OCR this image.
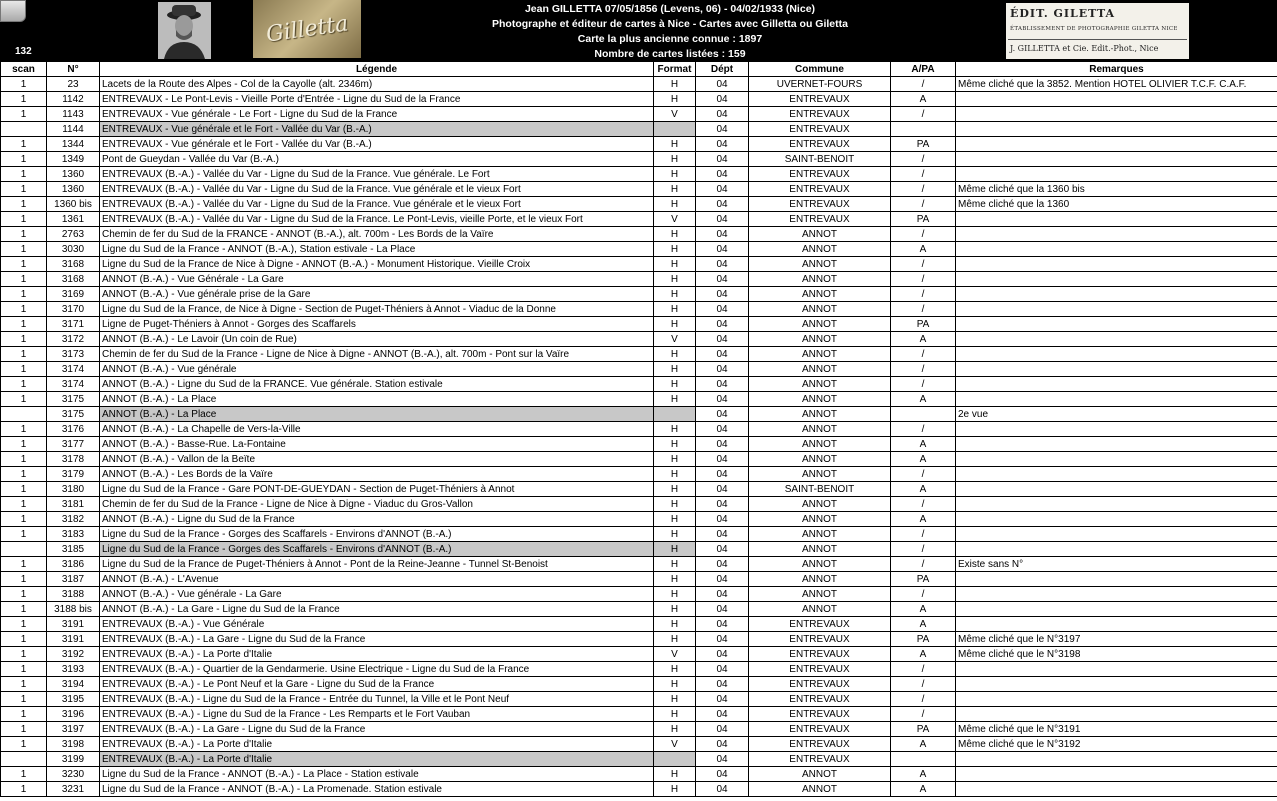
132
Gilletta
Jean GILLETTA 07/05/1856 (Levens, 06) - 04/02/1933 (Nice)
Photographe et éditeur de cartes à Nice - Cartes avec Gilletta ou Giletta
Carte la plus ancienne connue : 1897
Nombre de cartes listées : 159
ÉDIT. GILETTA
ÉTABLISSEMENT DE PHOTOGRAPHIE GILETTA NICE
J. GILLETTA et Cie. Edit.-Phot., Nice
scan	N°	Légende	Format	Dépt	Commune	A/PA	Remarques
1	23	Lacets de la Route des Alpes - Col de la Cayolle (alt. 2346m)	H	04	UVERNET-FOURS	/	Même cliché que la 3852. Mention HOTEL OLIVIER T.C.F. C.A.F.
1	1142	ENTREVAUX - Le Pont-Levis - Vieille Porte d'Entrée - Ligne du Sud de la France	H	04	ENTREVAUX	A	
1	1143	ENTREVAUX - Vue générale - Le Fort - Ligne du Sud de la France	V	04	ENTREVAUX	/	
	1144	ENTREVAUX - Vue générale et le Fort - Vallée du Var (B.-A.)		04	ENTREVAUX		
1	1344	ENTREVAUX - Vue générale et le Fort - Vallée du Var (B.-A.)	H	04	ENTREVAUX	PA	
1	1349	Pont de Gueydan - Vallée du Var (B.-A.)	H	04	SAINT-BENOIT	/	
1	1360	ENTREVAUX (B.-A.) - Vallée du Var - Ligne du Sud de la France. Vue générale. Le Fort	H	04	ENTREVAUX	/	
1	1360	ENTREVAUX (B.-A.) - Vallée du Var - Ligne du Sud de la France. Vue générale et le vieux Fort	H	04	ENTREVAUX	/	Même cliché que la 1360 bis
1	1360 bis	ENTREVAUX (B.-A.) - Vallée du Var - Ligne du Sud de la France. Vue générale et le vieux Fort	H	04	ENTREVAUX	/	Même cliché que la 1360
1	1361	ENTREVAUX (B.-A.) - Vallée du Var - Ligne du Sud de la France. Le Pont-Levis, vieille Porte, et le vieux Fort	V	04	ENTREVAUX	PA	
1	2763	Chemin de fer du Sud de la FRANCE - ANNOT (B.-A.), alt. 700m - Les Bords de la Vaïre	H	04	ANNOT	/	
1	3030	Ligne du Sud de la France - ANNOT (B.-A.), Station estivale - La Place	H	04	ANNOT	A	
1	3168	Ligne du Sud de la France de Nice à Digne - ANNOT (B.-A.) - Monument Historique. Vieille Croix	H	04	ANNOT	/	
1	3168	ANNOT (B.-A.) - Vue Générale - La Gare	H	04	ANNOT	/	
1	3169	ANNOT (B.-A.) - Vue générale prise de la Gare	H	04	ANNOT	/	
1	3170	Ligne du Sud de la France, de Nice à Digne - Section de Puget-Théniers à Annot - Viaduc de la Donne	H	04	ANNOT	/	
1	3171	Ligne de Puget-Théniers à Annot - Gorges des Scaffarels	H	04	ANNOT	PA	
1	3172	ANNOT (B.-A.) - Le Lavoir (Un coin de Rue)	V	04	ANNOT	A	
1	3173	Chemin de fer du Sud de la France - Ligne de Nice à Digne - ANNOT (B.-A.), alt. 700m - Pont sur la Vaïre	H	04	ANNOT	/	
1	3174	ANNOT (B.-A.) - Vue générale	H	04	ANNOT	/	
1	3174	ANNOT (B.-A.) - Ligne du Sud de la FRANCE. Vue générale. Station estivale	H	04	ANNOT	/	
1	3175	ANNOT (B.-A.) - La Place	H	04	ANNOT	A	
	3175	ANNOT (B.-A.) - La Place		04	ANNOT		2e vue
1	3176	ANNOT (B.-A.) - La Chapelle de Vers-la-Ville	H	04	ANNOT	/	
1	3177	ANNOT (B.-A.) - Basse-Rue. La-Fontaine	H	04	ANNOT	A	
1	3178	ANNOT (B.-A.) - Vallon de la Beïte	H	04	ANNOT	A	
1	3179	ANNOT (B.-A.) - Les Bords de la Vaïre	H	04	ANNOT	/	
1	3180	Ligne du Sud de la France - Gare PONT-DE-GUEYDAN - Section de Puget-Théniers à Annot	H	04	SAINT-BENOIT	A	
1	3181	Chemin de fer du Sud de la France - Ligne de Nice à Digne - Viaduc du Gros-Vallon	H	04	ANNOT	/	
1	3182	ANNOT (B.-A.) - Ligne du Sud de la France	H	04	ANNOT	A	
1	3183	Ligne du Sud de la France - Gorges des Scaffarels - Environs d'ANNOT (B.-A.)	H	04	ANNOT	/	
	3185	Ligne du Sud de la France - Gorges des Scaffarels - Environs d'ANNOT (B.-A.)	H	04	ANNOT	/	
1	3186	Ligne du Sud de la France de Puget-Théniers à Annot - Pont de la Reine-Jeanne - Tunnel St-Benoist	H	04	ANNOT	/	Existe sans N°
1	3187	ANNOT (B.-A.) - L'Avenue	H	04	ANNOT	PA	
1	3188	ANNOT (B.-A.) - Vue générale - La Gare	H	04	ANNOT	/	
1	3188 bis	ANNOT (B.-A.) - La Gare - Ligne du Sud de la France	H	04	ANNOT	A	
1	3191	ENTREVAUX (B.-A.) - Vue Générale	H	04	ENTREVAUX	A	
1	3191	ENTREVAUX (B.-A.) - La Gare - Ligne du Sud de la France	H	04	ENTREVAUX	PA	Même cliché que le N°3197
1	3192	ENTREVAUX (B.-A.) - La Porte d'Italie	V	04	ENTREVAUX	A	Même cliché que le N°3198
1	3193	ENTREVAUX (B.-A.) - Quartier de la Gendarmerie. Usine Electrique - Ligne du Sud de la France	H	04	ENTREVAUX	/	
1	3194	ENTREVAUX (B.-A.) - Le Pont Neuf et la Gare - Ligne du Sud de la France	H	04	ENTREVAUX	/	
1	3195	ENTREVAUX (B.-A.) - Ligne du Sud de la France - Entrée du Tunnel, la Ville et le Pont Neuf	H	04	ENTREVAUX	/	
1	3196	ENTREVAUX (B.-A.) - Ligne du Sud de la France - Les Remparts et le Fort Vauban	H	04	ENTREVAUX	/	
1	3197	ENTREVAUX (B.-A.) - La Gare - Ligne du Sud de la France	H	04	ENTREVAUX	PA	Même cliché que le N°3191
1	3198	ENTREVAUX (B.-A.) - La Porte d'Italie	V	04	ENTREVAUX	A	Même cliché que le N°3192
	3199	ENTREVAUX (B.-A.) - La Porte d'Italie		04	ENTREVAUX		
1	3230	Ligne du Sud de la France - ANNOT (B.-A.) - La Place - Station estivale	H	04	ANNOT	A	
1	3231	Ligne du Sud de la France - ANNOT (B.-A.) - La Promenade. Station estivale	H	04	ANNOT	A	
